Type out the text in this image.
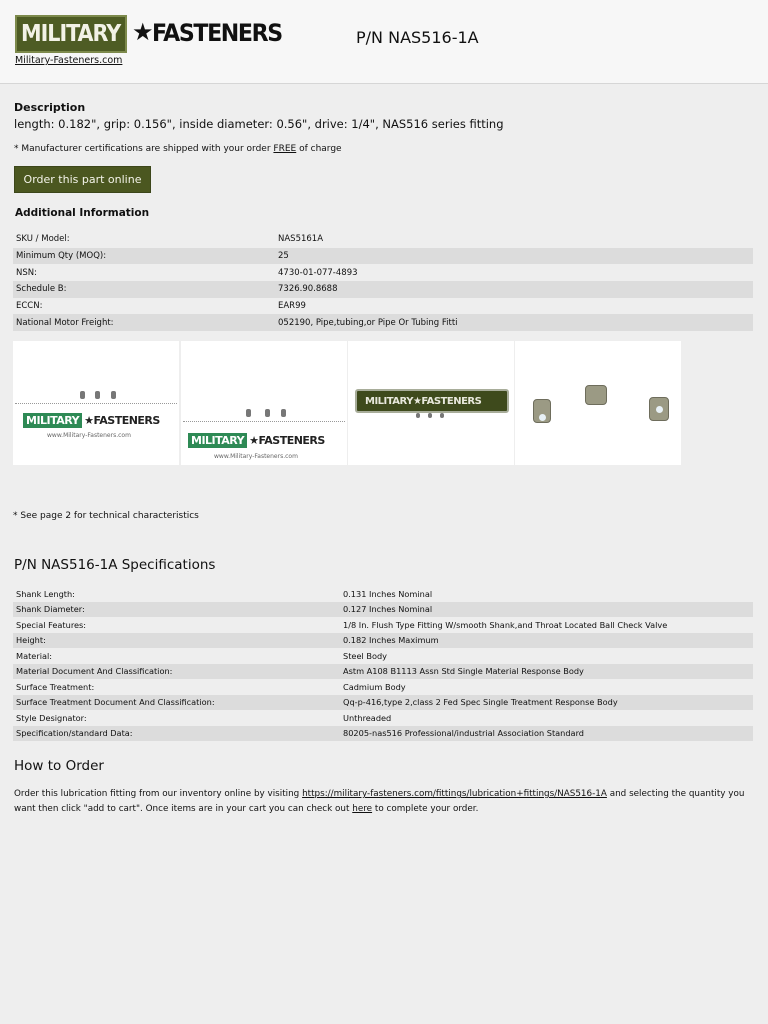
MILITARY ★
FASTENERS
Military-Fasteners.com
P/N NAS516-1A
Description
length: 0.182", grip: 0.156", inside diameter: 0.56", drive: 1/4", NAS516 series fitting
* Manufacturer certifications are shipped with your order FREE of charge
Order this part online
Additional Information
SKU / Model:	NAS5161A
Minimum Qty (MOQ):	25
NSN:	4730-01-077-4893
Schedule B:	7326.90.8688
ECCN:	EAR99
National Motor Freight:	052190, Pipe,tubing,or Pipe Or Tubing Fitti
MILITARY ★FASTENERS
www.Military-Fasteners.com	MILITARY ★FASTENERS
www.Military-Fasteners.com
MILITARY ★FASTENERS
* See page 2 for technical characteristics
P/N NAS516-1A Specifications
Shank Length:	0.131 Inches Nominal
Shank Diameter:	0.127 Inches Nominal
Special Features:	1/8 In. Flush Type Fitting W/smooth Shank,and Throat Located Ball Check Valve
Height:	0.182 Inches Maximum
Material:	Steel Body
Material Document And Classification:	Astm A108 B1113 Assn Std Single Material Response Body
Surface Treatment:	Cadmium Body
Surface Treatment Document And Classification:	Qq-p-416,type 2,class 2 Fed Spec Single Treatment Response Body
Style Designator:	Unthreaded
Specification/standard Data:	80205-nas516 Professional/industrial Association Standard
How to Order
Order this lubrication fitting from our inventory online by visiting https://military-fasteners.com/fittings/lubrication+fittings/NAS516-1A and selecting the quantity you want then click "add to cart". Once items are in your cart you can check out here to complete your order.
